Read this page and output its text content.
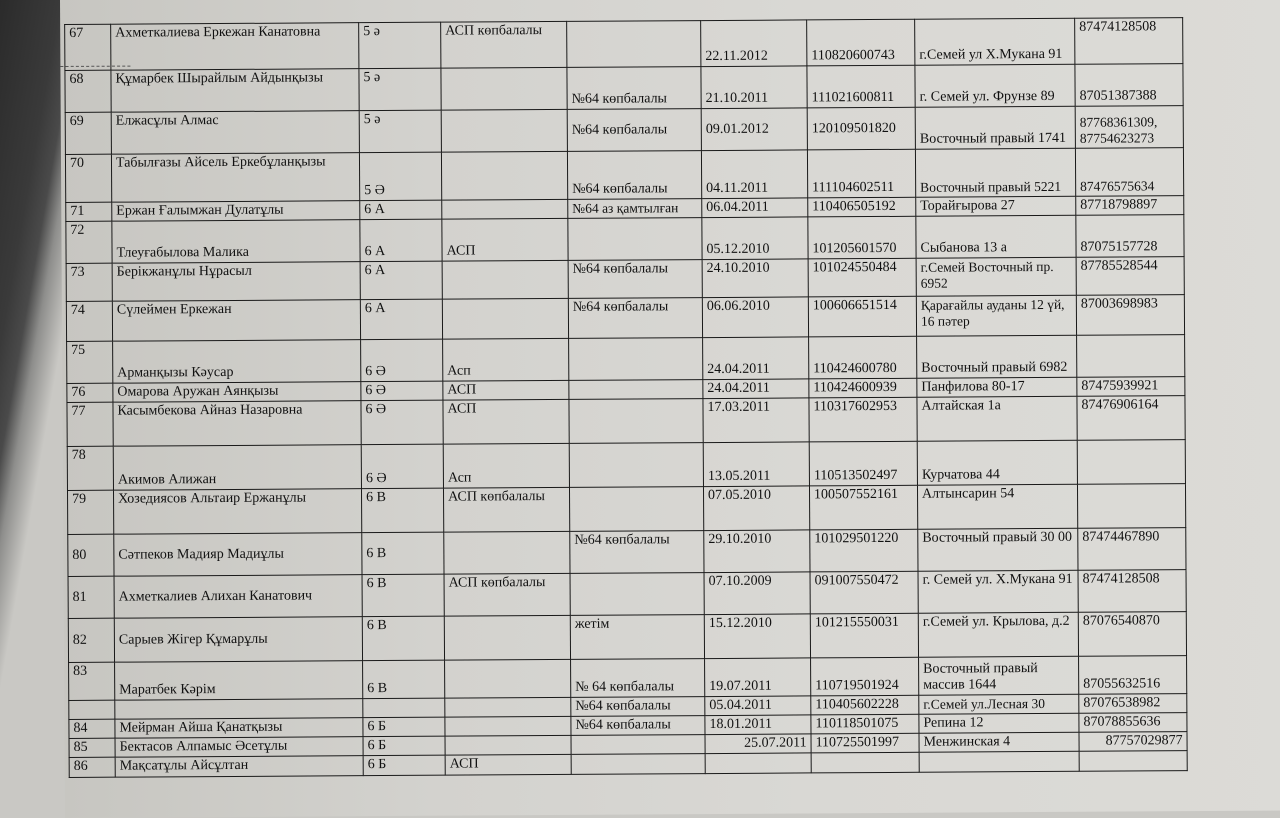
67	Ахметкалиева Еркежан Канатовна	5 ә	АСП көпбалалы		22.11.2012	110820600743	г.Семей ул Х.Мукана 91	87474128508
68	Құмарбек Шырайлым Айдынқызы	5 ә		№64 көпбалалы	21.10.2011	111021600811	г. Семей ул. Фрунзе 89	87051387388
69	Елжасұлы Алмас	5 ә		№64 көпбалалы	09.01.2012	120109501820	Восточный правый 1741	87768361309, 87754623273
70	Табылғазы Айсель Еркебұланқызы	5 Ә		№64 көпбалалы	04.11.2011	111104602511	Восточный правый 5221	87476575634
71	Ержан Ғалымжан Дулатұлы	6 А		№64 аз қамтылған	06.04.2011	110406505192	Торайғырова 27	87718798897
72	Тлеуғабылова Малика	6 А	АСП		05.12.2010	101205601570	Сыбанова 13 а	87075157728
73	Берікжанұлы Нұрасыл	6 А		№64 көпбалалы	24.10.2010	101024550484	г.Семей Восточный пр. 6952	87785528544
74	Сүлеймен Еркежан	6 А		№64 көпбалалы	06.06.2010	100606651514	Қарағайлы ауданы 12 үй, 16 пәтер	87003698983
75	Арманқызы Кәусар	6 Ә	Асп		24.04.2011	110424600780	Восточный правый 6982	
76	Омарова Аружан Аянқызы	6 Ә	АСП		24.04.2011	110424600939	Панфилова 80-17	87475939921
77	Касымбекова Айназ Назаровна	6 Ә	АСП		17.03.2011	110317602953	Алтайская 1а	87476906164
78	Акимов Алижан	6 Ә	Асп		13.05.2011	110513502497	Курчатова 44	
79	Хозедиясов Альтаир Ержанұлы	6 В	АСП көпбалалы		07.05.2010	100507552161	Алтынсарин 54	
80	Сәтпеков Мадияр Мадиұлы	6 В		№64 көпбалалы	29.10.2010	101029501220	Восточный правый 30 00	87474467890
81	Ахметкалиев Алихан Канатович	6 В	АСП көпбалалы		07.10.2009	091007550472	г. Семей ул. Х.Мукана 91	87474128508
82	Сарыев Жігер Құмарұлы	6 В		жетім	15.12.2010	101215550031	г.Семей ул. Крылова, д.2	87076540870
83	Маратбек Кәрім	6 В		№ 64 көпбалалы	19.07.2011	110719501924	Восточный правый массив 1644	87055632516
				№64 көпбалалы	05.04.2011	110405602228	г.Семей ул.Лесная 30	87076538982
84	Мейрман Айша Қанатқызы	6 Б		№64 көпбалалы	18.01.2011	110118501075	Репина 12	87078855636
85	Бектасов Алпамыс Әсетұлы	6 Б			25.07.2011	110725501997	Менжинская 4	87757029877
86	Мақсатұлы Айсұлтан	6 Б	АСП					
